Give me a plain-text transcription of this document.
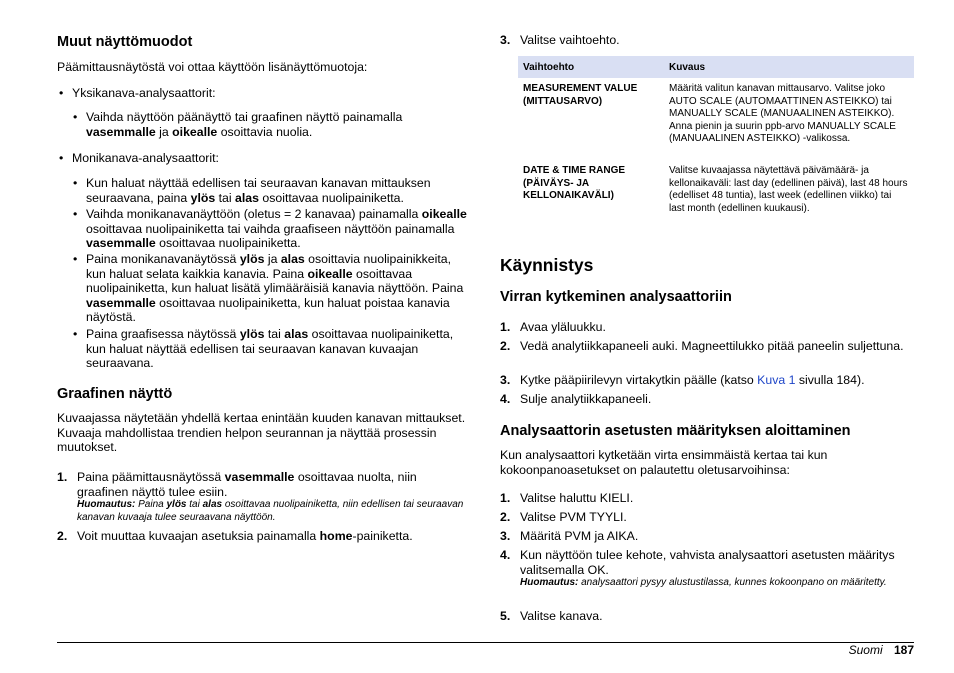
Muut näyttömuodot

Päämittausnäytöstä voi ottaa käyttöön lisänäyttömuotoja:

• Yksikanava-analysaattorit:
• Vaihda näyttöön päänäyttö tai graafinen näyttö painamalla vasemmalle ja oikealle osoittavia nuolia.
• Monikanava-analysaattorit:
• Kun haluat näyttää edellisen tai seuraavan kanavan mittauksen seuraavana, paina ylös tai alas osoittavaa nuolipainiketta.
• Vaihda monikanavanäyttöön (oletus = 2 kanavaa) painamalla oikealle osoittavaa nuolipainiketta tai vaihda graafiseen näyttöön painamalla vasemmalle osoittavaa nuolipainiketta.
• Paina monikanavanäytössä ylös ja alas osoittavia nuolipainikkeita, kun haluat selata kaikkia kanavia. Paina oikealle osoittavaa nuolipainiketta, kun haluat lisätä ylimääräisiä kanavia näyttöön. Paina vasemmalle osoittavaa nuolipainiketta, kun haluat poistaa kanavia näytöstä.
• Paina graafisessa näytössä ylös tai alas osoittavaa nuolipainiketta, kun haluat näyttää edellisen tai seuraavan kanavan kuvaajan seuraavana.
Graafinen näyttö

Kuvaajassa näytetään yhdellä kertaa enintään kuuden kanavan mittaukset. Kuvaaja mahdollistaa trendien helpon seurannan ja näyttää prosessin muutokset.

1. Paina päämittausnäytössä vasemmalle osoittavaa nuolta, niin graafinen näyttö tulee esiin.
Huomautus: Paina ylös tai alas osoittavaa nuolipainiketta, niin edellisen tai seuraavan kanavan kuvaaja tulee seuraavana näyttöön.
2. Voit muuttaa kuvaajan asetuksia painamalla home-painiketta.
3. Valitse vaihtoehto.
Vaihtoehto	Kuvaus
MEASUREMENT VALUE (MITTAUSARVO)	Määritä valitun kanavan mittausarvo. Valitse joko AUTO SCALE (AUTOMAATTINEN ASTEIKKO) tai MANUALLY SCALE (MANUAALINEN ASTEIKKO). Anna pienin ja suurin ppb-arvo MANUALLY SCALE (MANUAALINEN ASTEIKKO) -valikossa.
DATE & TIME RANGE (PÄIVÄYS- JA KELLONAIKAVÄLI)	Valitse kuvaajassa näytettävä päivämäärä- ja kellonaikaväli: last day (edellinen päivä), last 48 hours (edelliset 48 tuntia), last week (edellinen viikko) tai last month (edellinen kuukausi).
Käynnistys
Virran kytkeminen analysaattoriin
1. Avaa yläluukku.
2. Vedä analytiikkapaneeli auki. Magneettilukko pitää paneelin suljettuna.
3. Kytke pääpiirilevyn virtakytkin päälle (katso Kuva 1 sivulla 184).
4. Sulje analytiikkapaneeli.
Analysaattorin asetusten määrityksen aloittaminen

Kun analysaattori kytketään virta ensimmäistä kertaa tai kun kokoonpanoasetukset on palautettu oletusarvoihinsa:

1. Valitse haluttu KIELI.
2. Valitse PVM TYYLI.
3. Määritä PVM ja AIKA.
4. Kun näyttöön tulee kehote, vahvista analysaattori asetusten määritys valitsemalla OK.
Huomautus: analysaattori pysyy alustustilassa, kunnes kokoonpano on määritetty.
5. Valitse kanava.
Suomi 187
